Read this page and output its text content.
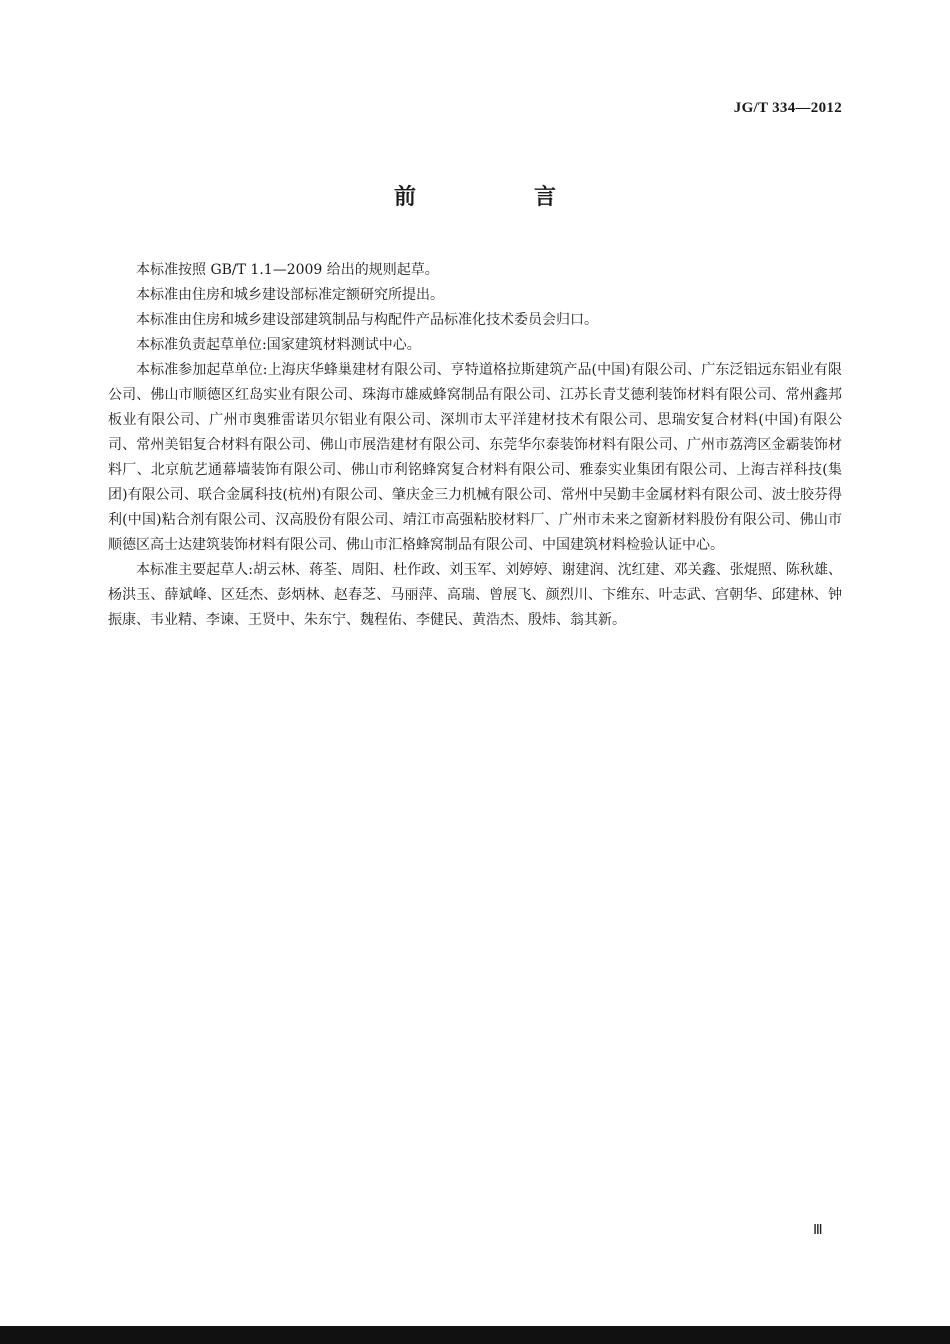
JG/T 334—2012
前　言

本标准按照 GB/T 1.1—2009 给出的规则起草。

本标准由住房和城乡建设部标准定额研究所提出。

本标准由住房和城乡建设部建筑制品与构配件产品标准化技术委员会归口。

本标准负责起草单位:国家建筑材料测试中心。

本标准参加起草单位:上海庆华蜂巢建材有限公司、亨特道格拉斯建筑产品(中国)有限公司、广东泛铝远东铝业有限公司、佛山市顺德区红岛实业有限公司、珠海市雄威蜂窝制品有限公司、江苏长青艾德利装饰材料有限公司、常州鑫邦板业有限公司、广州市奥雅雷诺贝尔铝业有限公司、深圳市太平洋建材技术有限公司、思瑞安复合材料(中国)有限公司、常州美铝复合材料有限公司、佛山市展浩建材有限公司、东莞华尔泰装饰材料有限公司、广州市荔湾区金霸装饰材料厂、北京航艺通幕墙装饰有限公司、佛山市利铭蜂窝复合材料有限公司、雅泰实业集团有限公司、上海吉祥科技(集团)有限公司、联合金属科技(杭州)有限公司、肇庆金三力机械有限公司、常州中吴勤丰金属材料有限公司、波士胶芬得利(中国)粘合剂有限公司、汉高股份有限公司、靖江市高强粘胶材料厂、广州市未来之窗新材料股份有限公司、佛山市顺德区高士达建筑装饰材料有限公司、佛山市汇格蜂窝制品有限公司、中国建筑材料检验认证中心。

本标准主要起草人:胡云林、蒋荃、周阳、杜作政、刘玉军、刘婷婷、谢建润、沈红建、邓关鑫、张焜照、陈秋雄、杨洪玉、薛斌峰、区廷杰、彭炳林、赵春芝、马丽萍、高瑞、曾展飞、颜烈川、卞维东、叶志武、宫朝华、邱建林、钟振康、韦业精、李谏、王贤中、朱东宁、魏程佑、李健民、黄浩杰、殷炜、翁其新。

Ⅲ
